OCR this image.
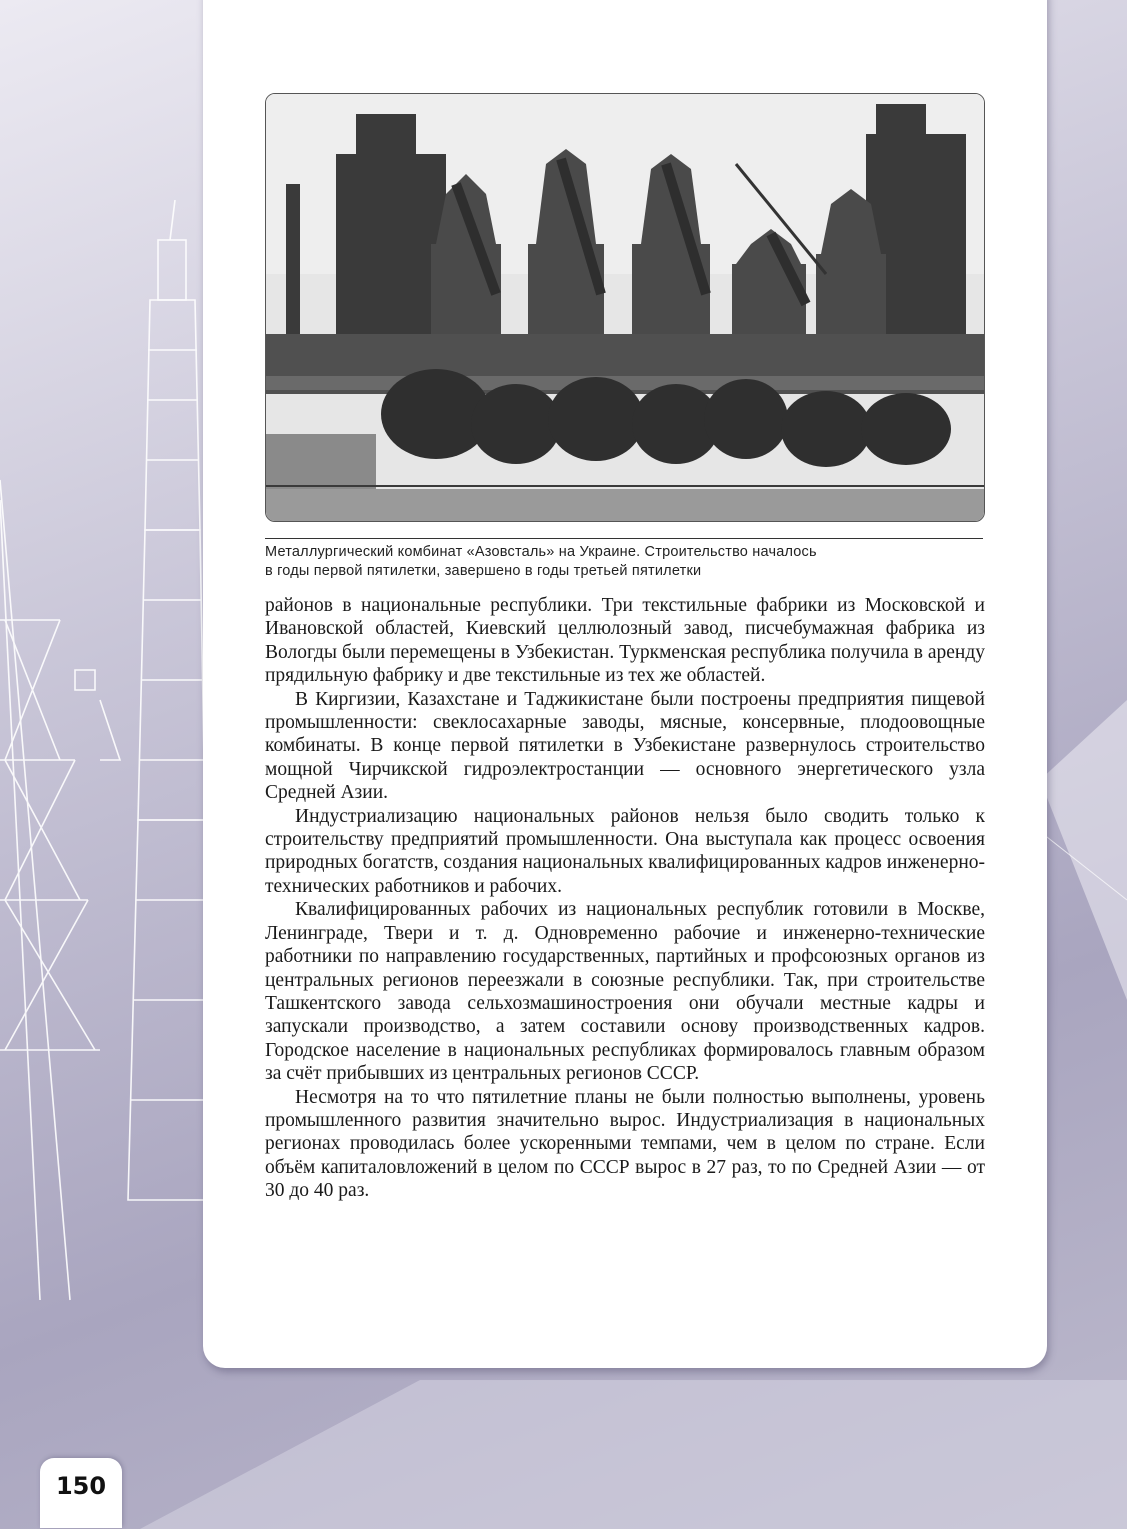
Металлургический комбинат «Азовсталь» на Украине. Строительство началось
в годы первой пятилетки, завершено в годы третьей пятилетки

районов в национальные республики. Три текстильные фабрики из Московской и Ивановской областей, Киевский целлюлозный завод, писчебумажная фабрика из Вологды были перемещены в Узбекистан. Туркменская республика получила в аренду прядильную фабрику и две текстильные из тех же областей.

В Киргизии, Казахстане и Таджикистане были построены предприятия пищевой промышленности: свеклосахарные заводы, мясные, консервные, плодоовощные комбинаты. В конце первой пятилетки в Узбекистане развернулось строительство мощной Чирчикской гидроэлектростанции — основного энергетического узла Средней Азии.

Индустриализацию национальных районов нельзя было сводить только к строительству предприятий промышленности. Она выступала как процесс освоения природных богатств, создания национальных квалифицированных кадров инженерно-технических работников и рабочих.

Квалифицированных рабочих из национальных республик готовили в Москве, Ленинграде, Твери и т. д. Одновременно рабочие и инженерно-технические работники по направлению государственных, партийных и профсоюзных органов из центральных регионов переезжали в союзные республики. Так, при строительстве Ташкентского завода сельхозмашиностроения они обучали местные кадры и запускали производство, а затем составили основу производственных кадров. Городское население в национальных республиках формировалось главным образом за счёт прибывших из центральных регионов СССР.

Несмотря на то что пятилетние планы не были полностью выполнены, уровень промышленного развития значительно вырос. Индустриализация в национальных регионах проводилась более ускоренными темпами, чем в целом по стране. Если объём капиталовложений в целом по СССР вырос в 27 раз, то по Средней Азии — от 30 до 40 раз.

150
